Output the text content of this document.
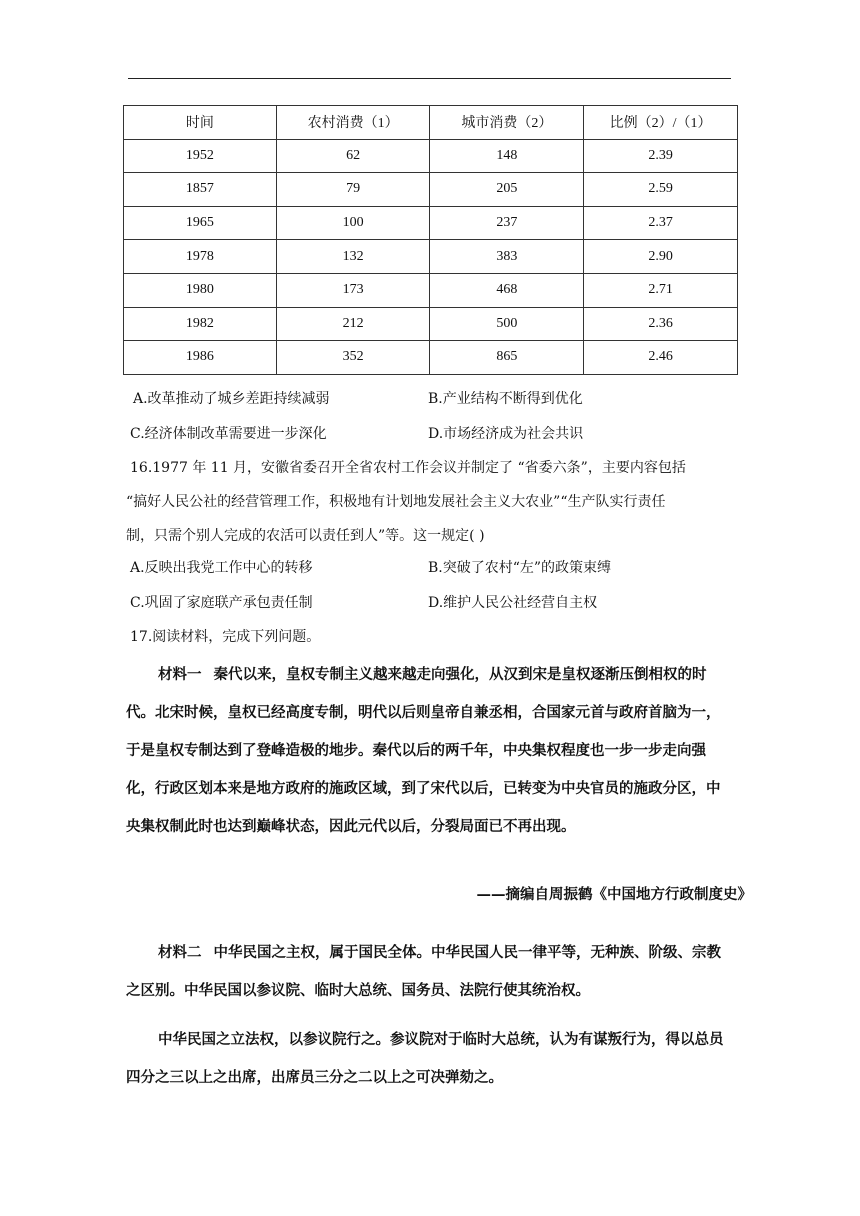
时间	农村消费（1）	城市消费（2）	比例（2）/（1）
1952	62	148	2.39
1857	79	205	2.59
1965	100	237	2.37
1978	132	383	2.90
1980	173	468	2.71
1982	212	500	2.36
1986	352	865	2.46
A.改革推动了城乡差距持续减弱	B.产业结构不断得到优化
C.经济体制改革需要进一步深化	D.市场经济成为社会共识
16.1977 年 11 月，安徽省委召开全省农村工作会议并制定了 “省委六条”，主要内容包括
“搞好人民公社的经营管理工作，积极地有计划地发展社会主义大农业”“生产队实行责任
制，只需个别人完成的农活可以责任到人”等。这一规定( )
A.反映出我党工作中心的转移	B.突破了农村“左”的政策束缚
C.巩固了家庭联产承包责任制	D.维护人民公社经营自主权
17.阅读材料，完成下列问题。
材料一 秦代以来，皇权专制主义越来越走向强化，从汉到宋是皇权逐渐压倒相权的时代。北宋时候，皇权已经高度专制，明代以后则皇帝自兼丞相，合国家元首与政府首脑为一，于是皇权专制达到了登峰造极的地步。秦代以后的两千年，中央集权程度也一步一步走向强化，行政区划本来是地方政府的施政区域，到了宋代以后，已转变为中央官员的施政分区，中央集权制此时也达到巅峰状态，因此元代以后，分裂局面已不再出现。
——摘编自周振鹤《中国地方行政制度史》
材料二 中华民国之主权，属于国民全体。中华民国人民一律平等，无种族、阶级、宗教之区别。中华民国以参议院、临时大总统、国务员、法院行使其统治权。
中华民国之立法权，以参议院行之。参议院对于临时大总统，认为有谋叛行为，得以总员四分之三以上之出席，出席员三分之二以上之可决弹劾之。
